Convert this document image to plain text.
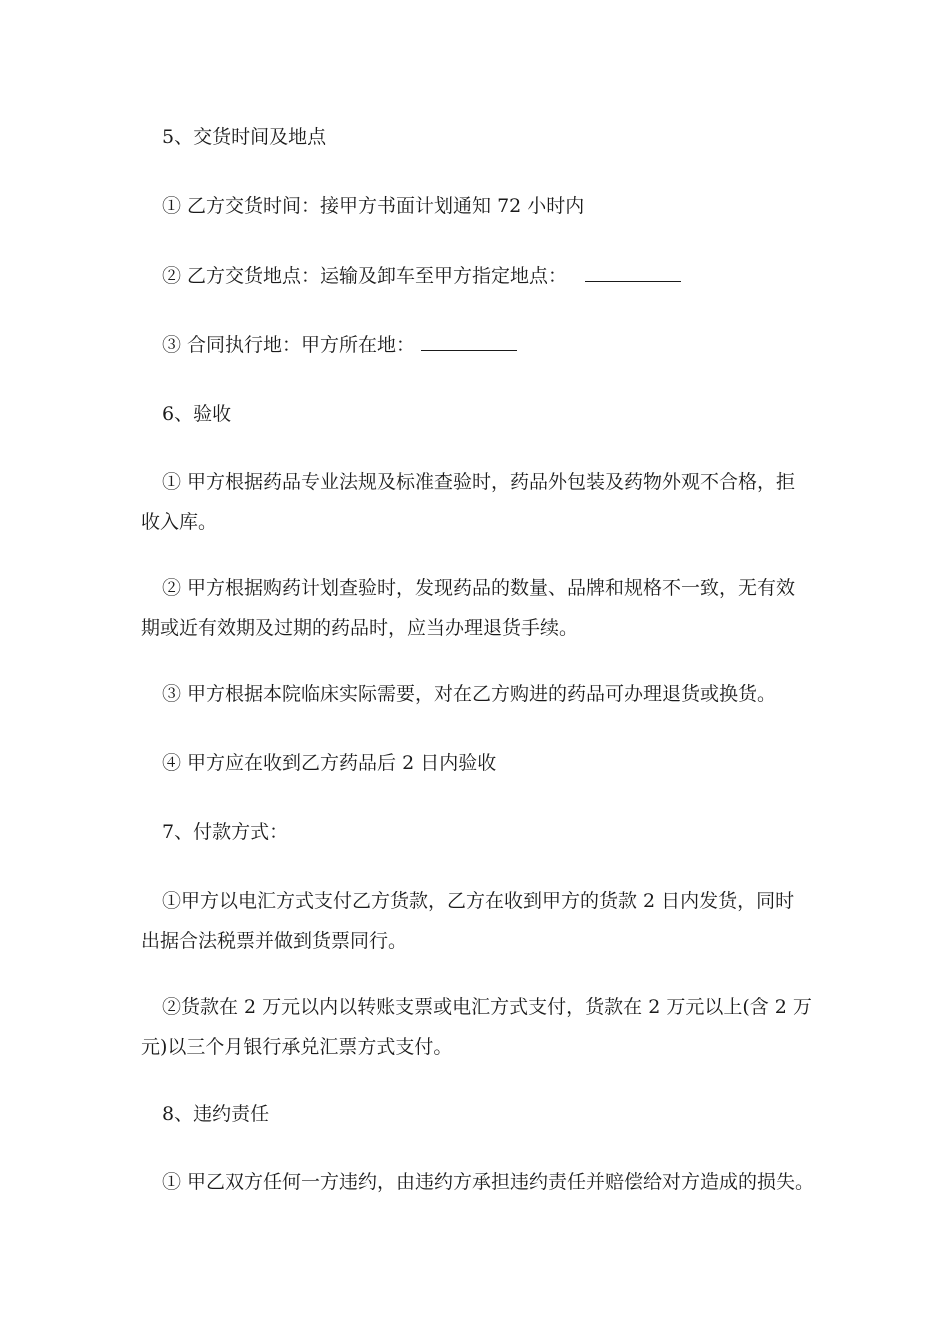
5、交货时间及地点
① 乙方交货时间：接甲方书面计划通知 72 小时内
② 乙方交货地点：运输及卸车至甲方指定地点：
③ 合同执行地：甲方所在地：
6、验收
① 甲方根据药品专业法规及标准查验时，药品外包装及药物外观不合格，拒
收入库。
② 甲方根据购药计划查验时，发现药品的数量、品牌和规格不一致，无有效
期或近有效期及过期的药品时，应当办理退货手续。
③ 甲方根据本院临床实际需要，对在乙方购进的药品可办理退货或换货。
④ 甲方应在收到乙方药品后 2 日内验收
7、付款方式：
①甲方以电汇方式支付乙方货款，乙方在收到甲方的货款 2 日内发货，同时
出据合法税票并做到货票同行。
②货款在 2 万元以内以转账支票或电汇方式支付，货款在 2 万元以上(含 2 万
元)以三个月银行承兑汇票方式支付。
8、违约责任
① 甲乙双方任何一方违约，由违约方承担违约责任并赔偿给对方造成的损失。
